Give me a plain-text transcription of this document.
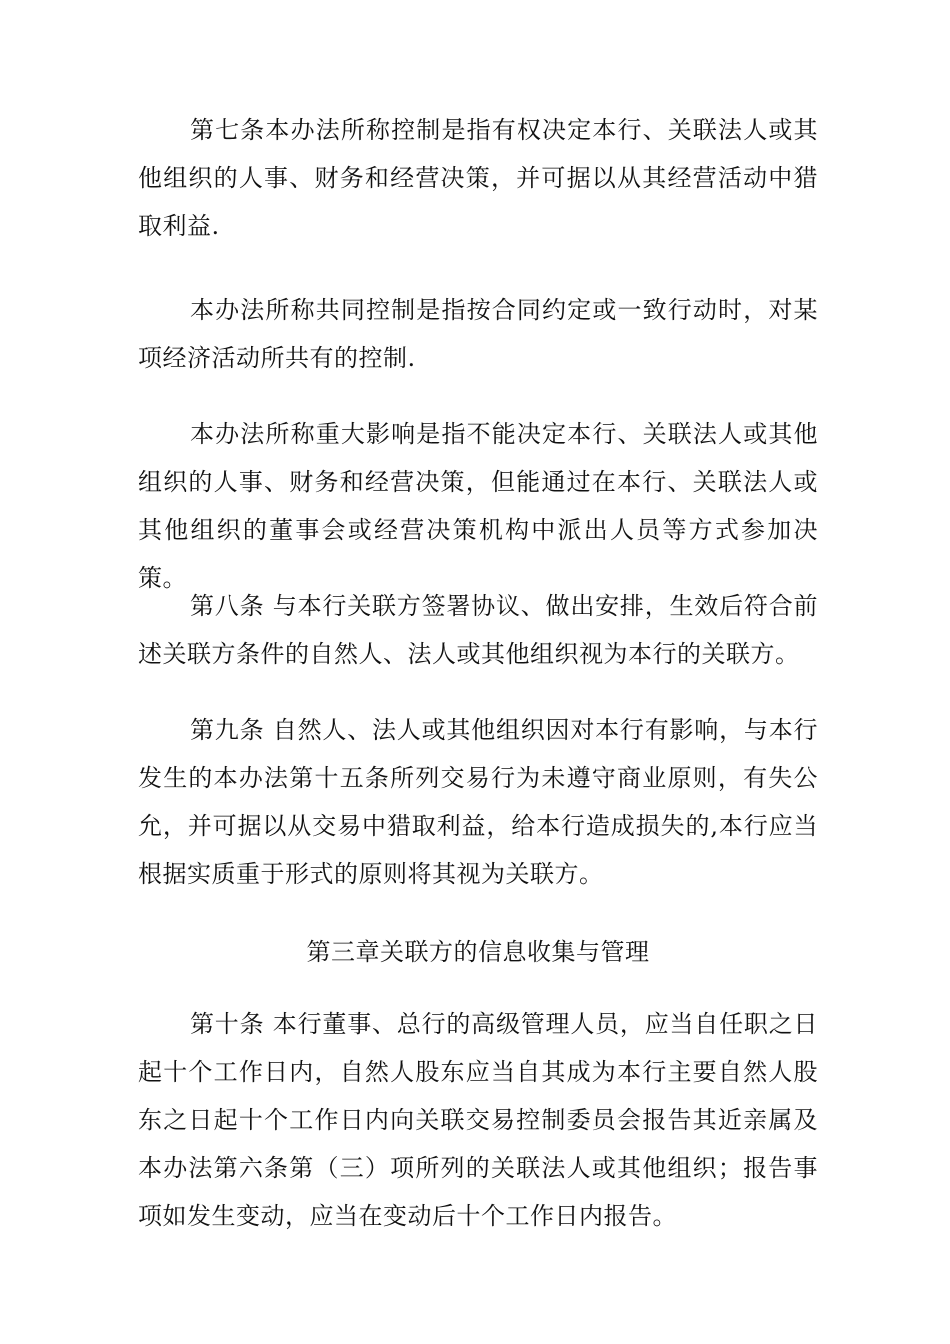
第七条本办法所称控制是指有权决定本行、关联法人或其他组织的人事、财务和经营决策，并可据以从其经营活动中猎取利益.

本办法所称共同控制是指按合同约定或一致行动时，对某项经济活动所共有的控制.

本办法所称重大影响是指不能决定本行、关联法人或其他组织的人事、财务和经营决策，但能通过在本行、关联法人或其他组织的董事会或经营决策机构中派出人员等方式参加决策。

第八条 与本行关联方签署协议、做出安排，生效后符合前述关联方条件的自然人、法人或其他组织视为本行的关联方。

第九条 自然人、法人或其他组织因对本行有影响，与本行发生的本办法第十五条所列交易行为未遵守商业原则，有失公允，并可据以从交易中猎取利益，给本行造成损失的,本行应当根据实质重于形式的原则将其视为关联方。

第三章关联方的信息收集与管理

第十条 本行董事、总行的高级管理人员，应当自任职之日起十个工作日内，自然人股东应当自其成为本行主要自然人股东之日起十个工作日内向关联交易控制委员会报告其近亲属及本办法第六条第（三）项所列的关联法人或其他组织；报告事项如发生变动，应当在变动后十个工作日内报告。
